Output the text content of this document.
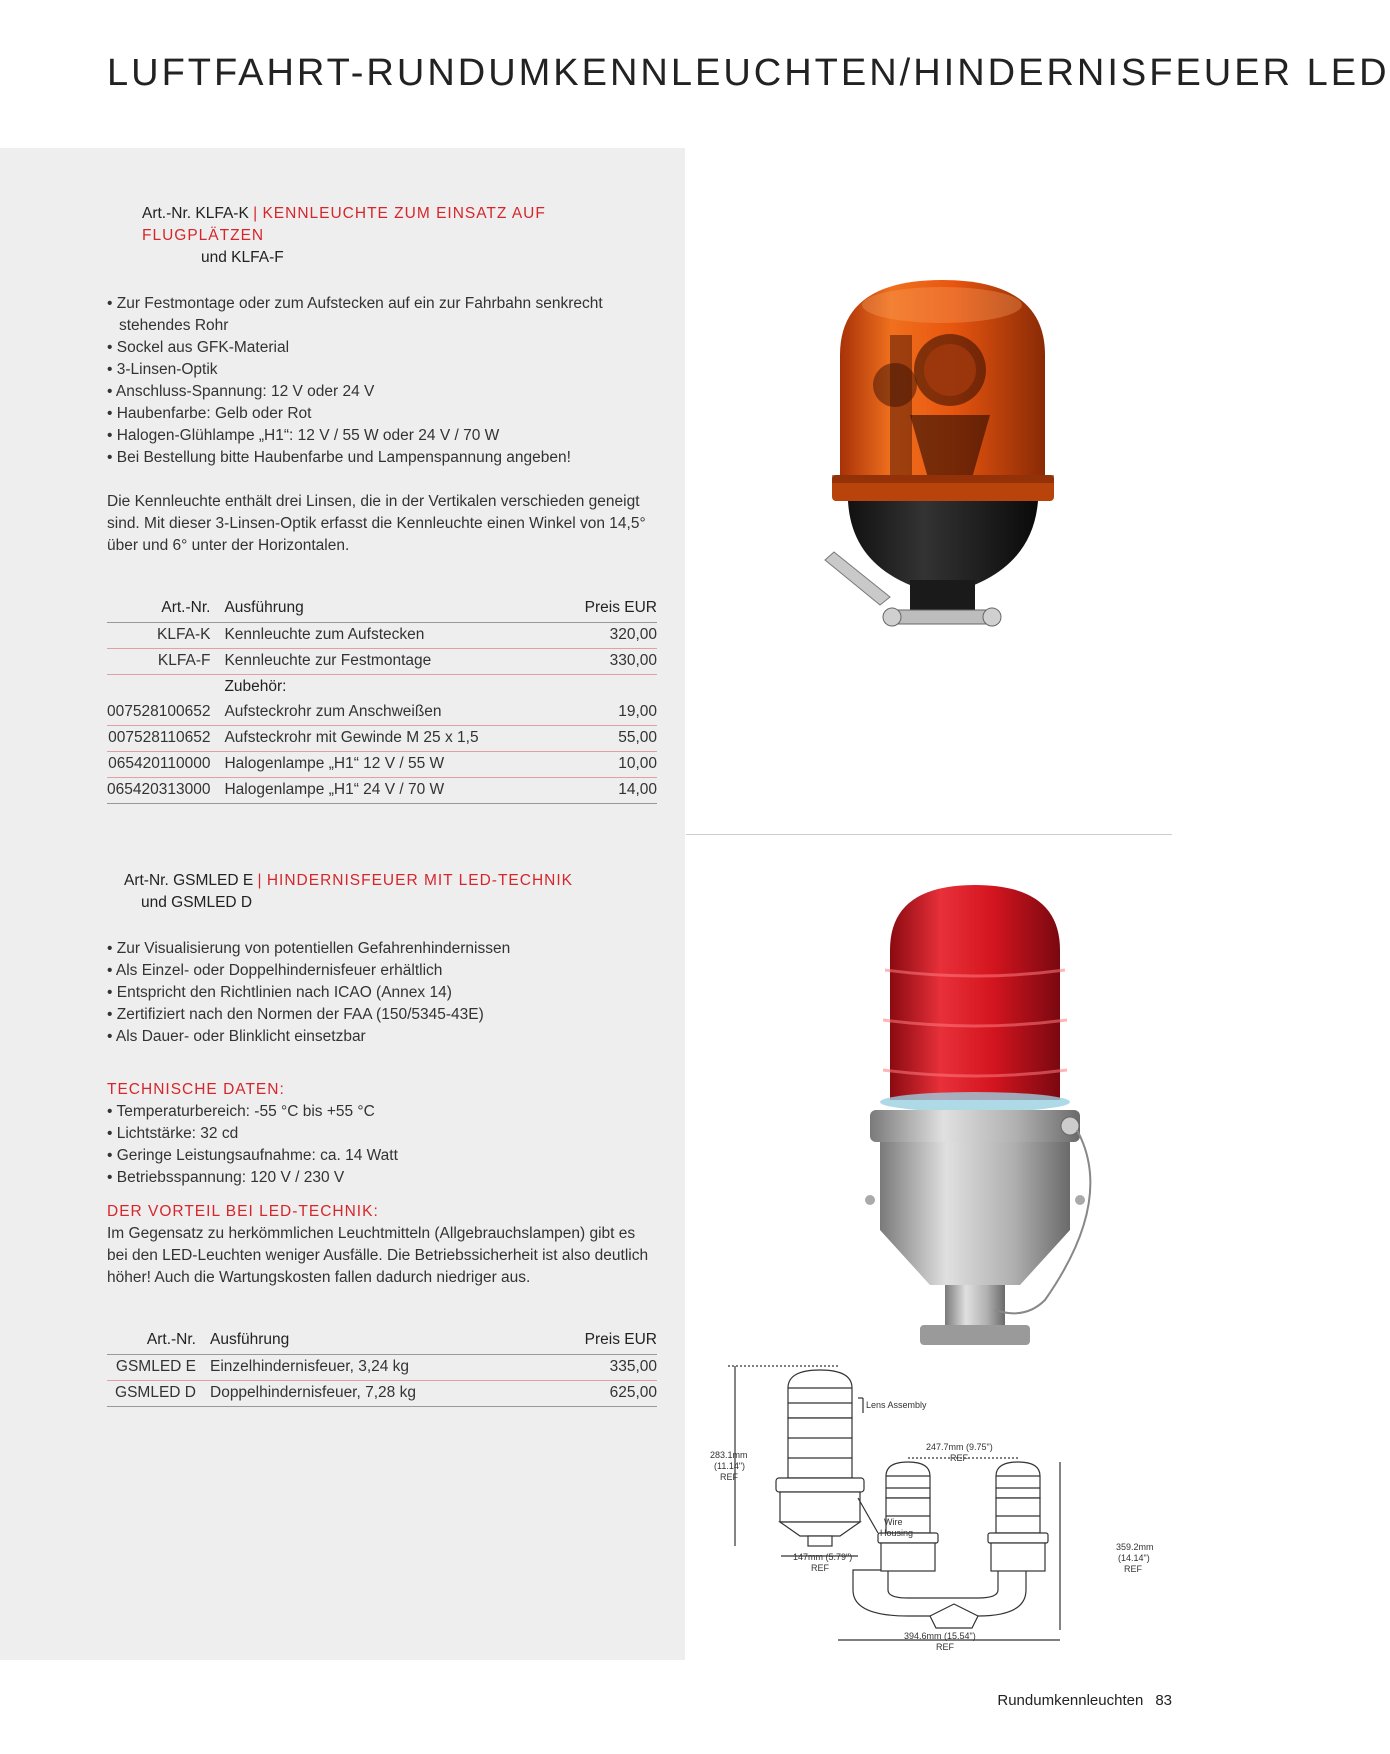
LUFTFAHRT-RUNDUMKENNLEUCHTEN/HINDERNISFEUER LED
Art.-Nr. KLFA-K | KENNLEUCHTE ZUM EINSATZ AUF FLUGPLÄTZEN
und KLFA-F
• Zur Festmontage oder zum Aufstecken auf ein zur Fahrbahn senkrecht stehendes Rohr
• Sockel aus GFK-Material
• 3-Linsen-Optik
• Anschluss-Spannung: 12 V oder 24 V
• Haubenfarbe: Gelb oder Rot
• Halogen-Glühlampe „H1“: 12 V / 55 W oder 24 V / 70 W
• Bei Bestellung bitte Haubenfarbe und Lampenspannung angeben!
Die Kennleuchte enthält drei Linsen, die in der Vertikalen verschieden geneigt sind. Mit dieser 3-Linsen-Optik erfasst die Kennleuchte einen Winkel von 14,5° über und 6° unter der Horizontalen.
Art.-Nr.	Ausführung	Preis EUR
KLFA-K	Kennleuchte zum Aufstecken	320,00
KLFA-F	Kennleuchte zur Festmontage	330,00
	Zubehör:	
007528100652	Aufsteckrohr zum Anschweißen	19,00
007528110652	Aufsteckrohr mit Gewinde M 25 x 1,5	55,00
065420110000	Halogenlampe „H1“ 12 V / 55 W	10,00
065420313000	Halogenlampe „H1“ 24 V / 70 W	14,00
Art-Nr. GSMLED E | HINDERNISFEUER MIT LED-TECHNIK
und GSMLED D
• Zur Visualisierung von potentiellen Gefahrenhindernissen
• Als Einzel- oder Doppelhindernisfeuer erhältlich
• Entspricht den Richtlinien nach ICAO (Annex 14)
• Zertifiziert nach den Normen der FAA (150/5345-43E)
• Als Dauer- oder Blinklicht einsetzbar
TECHNISCHE DATEN:
• Temperaturbereich: -55 °C bis +55 °C
• Lichtstärke: 32 cd
• Geringe Leistungsaufnahme: ca. 14 Watt
• Betriebsspannung: 120 V / 230 V
DER VORTEIL BEI LED-TECHNIK:
Im Gegensatz zu herkömmlichen Leuchtmitteln (Allgebrauchslampen) gibt es bei den LED-Leuchten weniger Ausfälle. Die Betriebssicherheit ist also deutlich höher! Auch die Wartungskosten fallen dadurch niedriger aus.
Art.-Nr.	Ausführung	Preis EUR
GSMLED E	Einzelhindernisfeuer, 3,24 kg	335,00
GSMLED D	Doppelhindernisfeuer, 7,28 kg	625,00
Lens Assembly
283.1mm
(11.14")
REF
Wire
Housing
147mm (5.79")
REF
247.7mm (9.75")
REF
359.2mm
(14.14")
REF
394.6mm (15.54")
REF
Rundumkennleuchten 83
